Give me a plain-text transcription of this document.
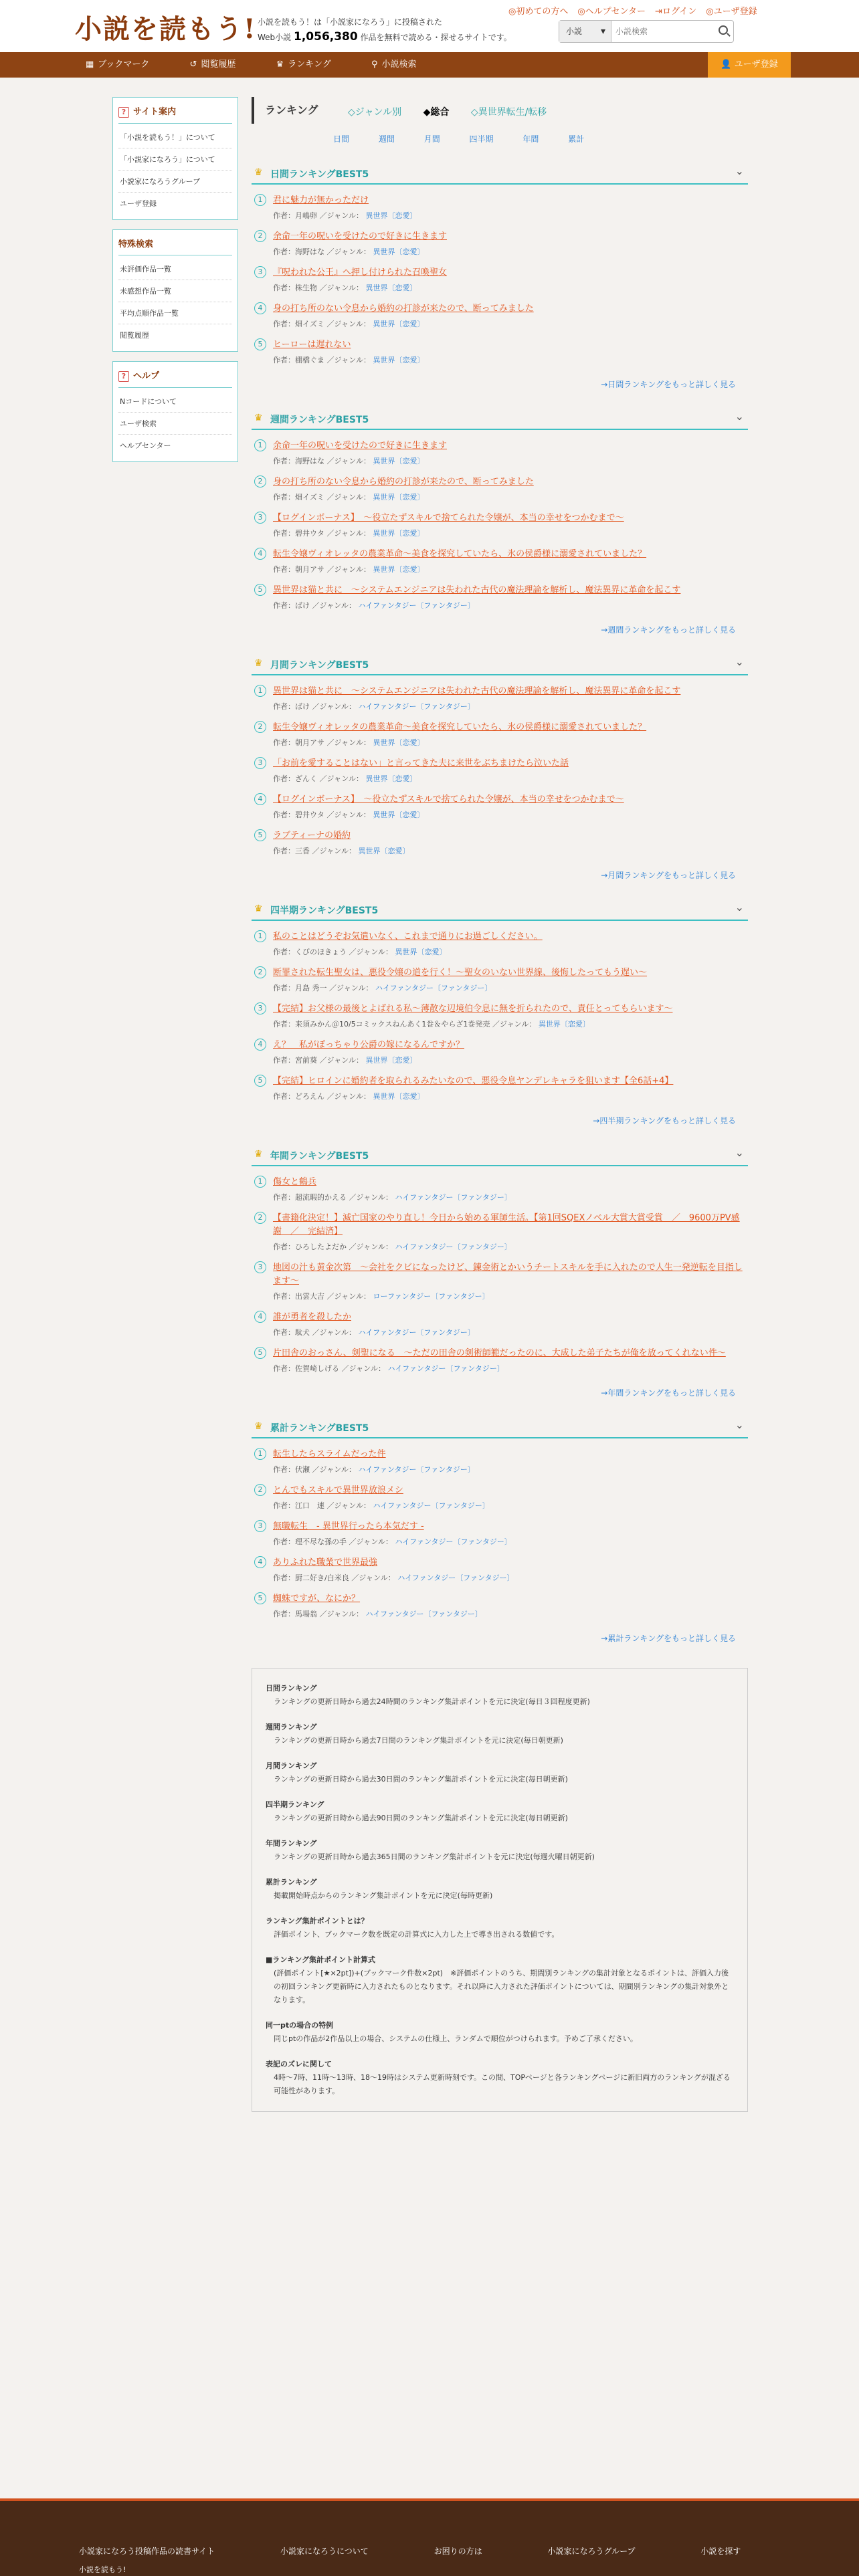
小説を読もう! 小説を読もう！は「小説家になろう」に投稿された
Web小説 1,056,380 作品を無料で読める・探せるサイトです。
◎初めての方へ ◎ヘルプセンター ⇥ログイン ◎ユーザ登録
小説 ▾
小説検索
▦ ブックマーク	↺ 閲覧履歴	♛ ランキング	⚲ 小説検索	👤 ユーザ登録
? サイト案内
「小説を読もう！」について
「小説家になろう」について
小説家になろうグループ
ユーザ登録
特殊検索
未評価作品一覧
未感想作品一覧
平均点順作品一覧
閲覧履歴
? ヘルプ
Nコードについて
ユーザ検索
ヘルプセンター
ランキング	◇ジャンル別 ◆総合 ◇異世界転生/転移
日間	週間	月間	四半期	年間	累計
♛ 日間ランキングBEST5	⌄
1	君に魅力が無かっただけ
作者：月嶋卵 ／ジャンル： 異世界〔恋愛〕
2	余命一年の呪いを受けたので好きに生きます
作者：海野はな ／ジャンル： 異世界〔恋愛〕
3	『呪われた公王』へ押し付けられた召喚聖女
作者：株生物 ／ジャンル： 異世界〔恋愛〕
4	身の打ち所のない令息から婚約の打診が来たので、断ってみました
作者：畑イズミ ／ジャンル： 異世界〔恋愛〕
5	ヒーローは遅れない
作者：棚橋ぐま ／ジャンル： 異世界〔恋愛〕
→日間ランキングをもっと詳しく見る
♛ 週間ランキングBEST5	⌄
1	余命一年の呪いを受けたので好きに生きます
作者：海野はな ／ジャンル： 異世界〔恋愛〕
2	身の打ち所のない令息から婚約の打診が来たので、断ってみました
作者：畑イズミ ／ジャンル： 異世界〔恋愛〕
3	【ログインボーナス】　〜役立たずスキルで捨てられた令嬢が、本当の幸せをつかむまで〜
作者：碧井ウタ ／ジャンル： 異世界〔恋愛〕
4	転生令嬢ヴィオレッタの農業革命〜美食を探究していたら、氷の侯爵様に溺愛されていました？
作者：朝月アサ ／ジャンル： 異世界〔恋愛〕
5	異世界は猫と共に　〜システムエンジニアは失われた古代の魔法理論を解析し、魔法異界に革命を起こす
作者：ばけ ／ジャンル： ハイファンタジー〔ファンタジー〕
→週間ランキングをもっと詳しく見る
♛ 月間ランキングBEST5	⌄
1	異世界は猫と共に　〜システムエンジニアは失われた古代の魔法理論を解析し、魔法異界に革命を起こす
作者：ばけ ／ジャンル： ハイファンタジー〔ファンタジー〕
2	転生令嬢ヴィオレッタの農業革命〜美食を探究していたら、氷の侯爵様に溺愛されていました？
作者：朝月アサ ／ジャンル： 異世界〔恋愛〕
3	「お前を愛することはない」と言ってきた夫に来世をぶちまけたら泣いた話
作者：ざんく ／ジャンル： 異世界〔恋愛〕
4	【ログインボーナス】　〜役立たずスキルで捨てられた令嬢が、本当の幸せをつかむまで〜
作者：碧井ウタ ／ジャンル： 異世界〔恋愛〕
5	ラブティーナの婚約
作者：三香 ／ジャンル： 異世界〔恋愛〕
→月間ランキングをもっと詳しく見る
♛ 四半期ランキングBEST5	⌄
1	私のことはどうぞお気遣いなく、これまで通りにお過ごしください。
作者：くびのほきょう ／ジャンル： 異世界〔恋愛〕
2	断罪された転生聖女は、悪役令嬢の道を行く！〜聖女のいない世界線、後悔したってもう遅い〜
作者：月島 秀一 ／ジャンル： ハイファンタジー〔ファンタジー〕
3	【完結】お父様の最後とよばれる私〜薄散な辺境伯令息に無を折られたので、責任とってもらいます〜
作者：来須みかん＠10/5コミックスねんあく1巻＆やらざ1巻発売 ／ジャンル： 異世界〔恋愛〕
4	え？　私がぼっちゃり公爵の嫁になるんですか？
作者：宮前葵 ／ジャンル： 異世界〔恋愛〕
5	【完結】ヒロインに婚約者を取られるみたいなので、悪役令息ヤンデレキャラを狙います【全6話+4】
作者：どろえん ／ジャンル： 異世界〔恋愛〕
→四半期ランキングをもっと詳しく見る
♛ 年間ランキングBEST5	⌄
1	傷女と鶴兵
作者：超流暇的かえる ／ジャンル： ハイファンタジー〔ファンタジー〕
2	【書籍化決定！】滅亡国家のやり直し！今日から始める軍師生活。【第1回SQEXノベル大賞大賞受賞　／　9600万PV感謝　／　完結済】
作者：ひろしたよだか ／ジャンル： ハイファンタジー〔ファンタジー〕
3	地図の汁も黄金次第　〜会社をクビになったけど、錬金術とかいうチートスキルを手に入れたので人生一発逆転を目指します〜
作者：出雲大吉 ／ジャンル： ローファンタジー〔ファンタジー〕
4	誰が勇者を殺したか
作者：駄犬 ／ジャンル： ハイファンタジー〔ファンタジー〕
5	片田舎のおっさん、剣聖になる　〜ただの田舎の剣術師範だったのに、大成した弟子たちが俺を放ってくれない件〜
作者：佐賀崎しげる ／ジャンル： ハイファンタジー〔ファンタジー〕
→年間ランキングをもっと詳しく見る
♛ 累計ランキングBEST5	⌄
1	転生したらスライムだった件
作者：伏瀬 ／ジャンル： ハイファンタジー〔ファンタジー〕
2	とんでもスキルで異世界放浪メシ
作者：江口　連 ／ジャンル： ハイファンタジー〔ファンタジー〕
3	無職転生　- 異世界行ったら本気だす -
作者：理不尽な孫の手 ／ジャンル： ハイファンタジー〔ファンタジー〕
4	ありふれた職業で世界最強
作者：厨二好き/白米良 ／ジャンル： ハイファンタジー〔ファンタジー〕
5	蜘蛛ですが、なにか？
作者：馬場翁 ／ジャンル： ハイファンタジー〔ファンタジー〕
→累計ランキングをもっと詳しく見る
日間ランキング
ランキングの更新日時から過去24時間のランキング集計ポイントを元に決定(毎日３回程度更新)
週間ランキング
ランキングの更新日時から過去7日間のランキング集計ポイントを元に決定(毎日朝更新)
月間ランキング
ランキングの更新日時から過去30日間のランキング集計ポイントを元に決定(毎日朝更新)
四半期ランキング
ランキングの更新日時から過去90日間のランキング集計ポイントを元に決定(毎日朝更新)
年間ランキング
ランキングの更新日時から過去365日間のランキング集計ポイントを元に決定(毎週火曜日朝更新)
累計ランキング
掲載開始時点からのランキング集計ポイントを元に決定(毎時更新)
ランキング集計ポイントとは？
評価ポイント、ブックマーク数を既定の計算式に入力した上で導き出される数値です。
■ランキング集計ポイント計算式
(評価ポイント[★×2pt])+(ブックマーク件数×2pt)　※評価ポイントのうち、期間別ランキングの集計対象となるポイントは、評価入力後の初回ランキング更新時に入力されたものとなります。それ以降に入力された評価ポイントについては、期間別ランキングの集計対象外となります。
同一ptの場合の特例
同じptの作品が2作品以上の場合、システムの仕様上、ランダムで順位がつけられます。予めご了承ください。
表記のズレに関して
4時〜7時、11時〜13時、18〜19時はシステム更新時刻です。この間、TOPページと各ランキングページに新旧両方のランキングが混ざる可能性があります。
小説家になろう投稿作品の読書サイト	小説家になろうについて	お困りの方は	小説家になろうグループ	小説を探す
小説を読もう!
